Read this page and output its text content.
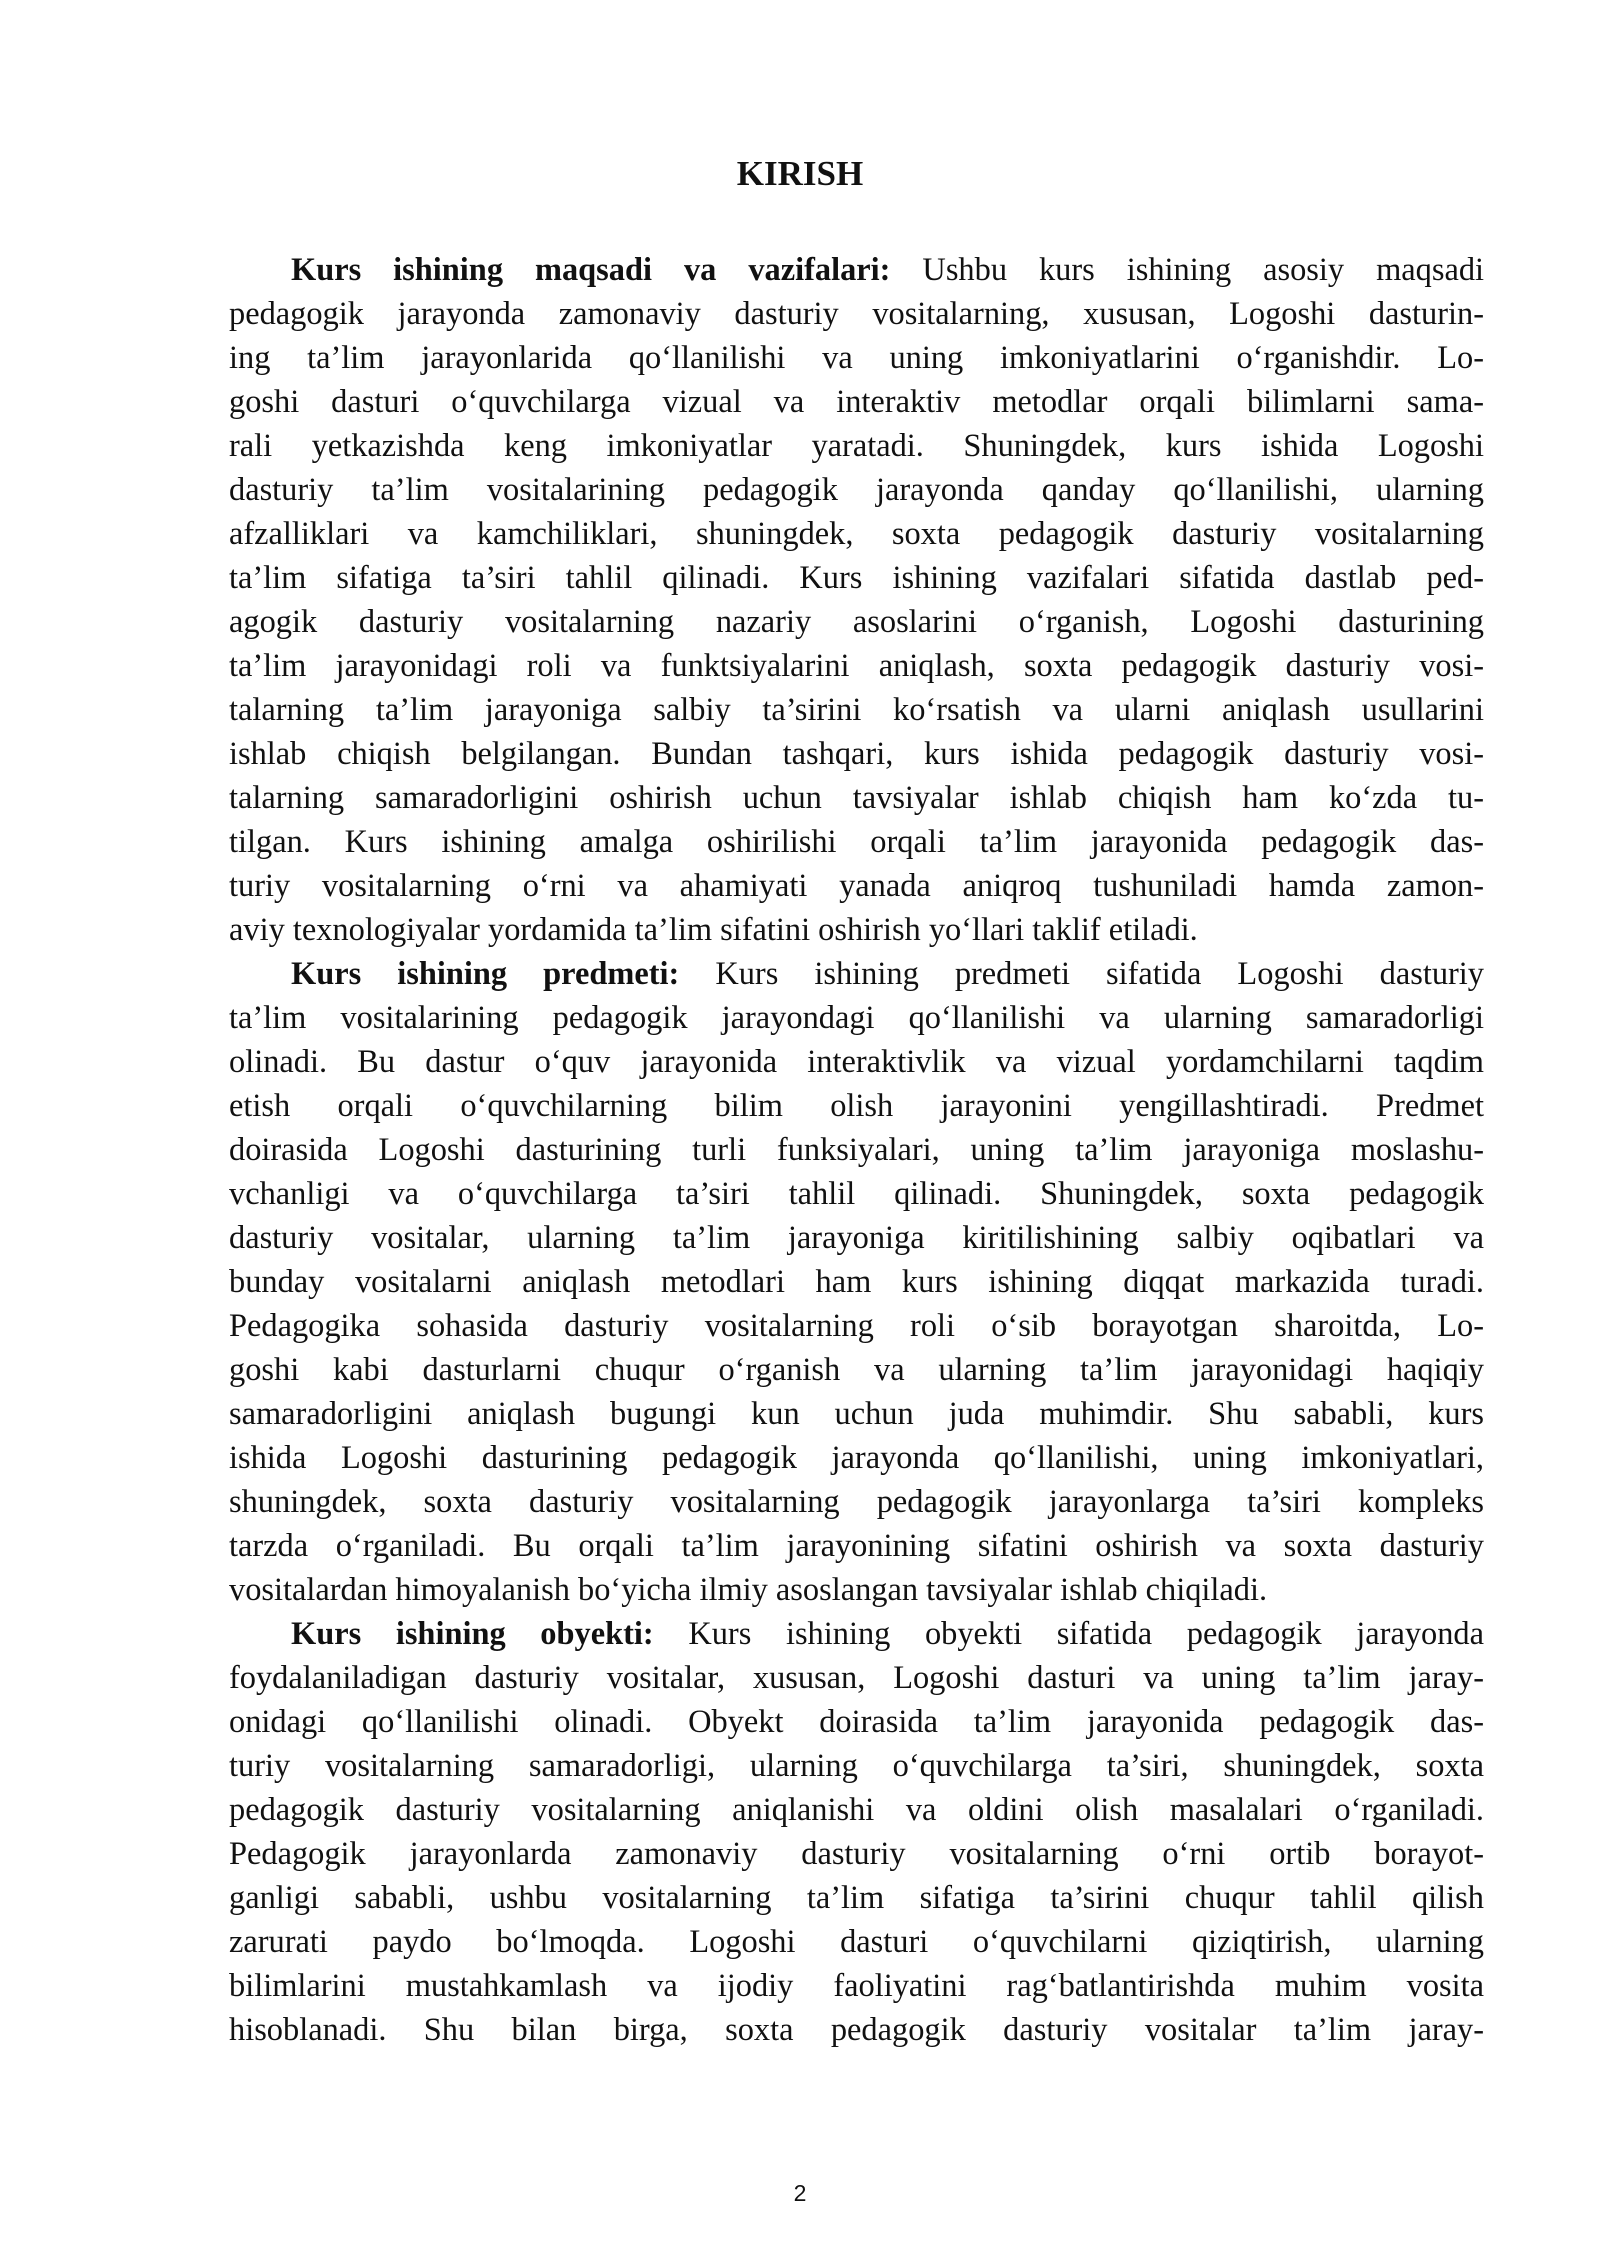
KIRISH
Kurs ishining maqsadi va vazifalari: Ushbu kurs ishining asosiy maqsadi
pedagogik jarayonda zamonaviy dasturiy vositalarning, xususan, Logoshi dasturin-
ing ta’lim jarayonlarida qo‘llanilishi va uning imkoniyatlarini o‘rganishdir. Lo-
goshi dasturi o‘quvchilarga vizual va interaktiv metodlar orqali bilimlarni sama-
rali yetkazishda keng imkoniyatlar yaratadi. Shuningdek, kurs ishida Logoshi
dasturiy ta’lim vositalarining pedagogik jarayonda qanday qo‘llanilishi, ularning
afzalliklari va kamchiliklari, shuningdek, soxta pedagogik dasturiy vositalarning
ta’lim sifatiga ta’siri tahlil qilinadi. Kurs ishining vazifalari sifatida dastlab ped-
agogik dasturiy vositalarning nazariy asoslarini o‘rganish, Logoshi dasturining
ta’lim jarayonidagi roli va funktsiyalarini aniqlash, soxta pedagogik dasturiy vosi-
talarning ta’lim jarayoniga salbiy ta’sirini ko‘rsatish va ularni aniqlash usullarini
ishlab chiqish belgilangan. Bundan tashqari, kurs ishida pedagogik dasturiy vosi-
talarning samaradorligini oshirish uchun tavsiyalar ishlab chiqish ham ko‘zda tu-
tilgan. Kurs ishining amalga oshirilishi orqali ta’lim jarayonida pedagogik das-
turiy vositalarning o‘rni va ahamiyati yanada aniqroq tushuniladi hamda zamon-
aviy texnologiyalar yordamida ta’lim sifatini oshirish yo‘llari taklif etiladi.
Kurs ishining predmeti: Kurs ishining predmeti sifatida Logoshi dasturiy
ta’lim vositalarining pedagogik jarayondagi qo‘llanilishi va ularning samaradorligi
olinadi. Bu dastur o‘quv jarayonida interaktivlik va vizual yordamchilarni taqdim
etish orqali o‘quvchilarning bilim olish jarayonini yengillashtiradi. Predmet
doirasida Logoshi dasturining turli funksiyalari, uning ta’lim jarayoniga moslashu-
vchanligi va o‘quvchilarga ta’siri tahlil qilinadi. Shuningdek, soxta pedagogik
dasturiy vositalar, ularning ta’lim jarayoniga kiritilishining salbiy oqibatlari va
bunday vositalarni aniqlash metodlari ham kurs ishining diqqat markazida turadi.
Pedagogika sohasida dasturiy vositalarning roli o‘sib borayotgan sharoitda, Lo-
goshi kabi dasturlarni chuqur o‘rganish va ularning ta’lim jarayonidagi haqiqiy
samaradorligini aniqlash bugungi kun uchun juda muhimdir. Shu sababli, kurs
ishida Logoshi dasturining pedagogik jarayonda qo‘llanilishi, uning imkoniyatlari,
shuningdek, soxta dasturiy vositalarning pedagogik jarayonlarga ta’siri kompleks
tarzda o‘rganiladi. Bu orqali ta’lim jarayonining sifatini oshirish va soxta dasturiy
vositalardan himoyalanish bo‘yicha ilmiy asoslangan tavsiyalar ishlab chiqiladi.
Kurs ishining obyekti: Kurs ishining obyekti sifatida pedagogik jarayonda
foydalaniladigan dasturiy vositalar, xususan, Logoshi dasturi va uning ta’lim jaray-
onidagi qo‘llanilishi olinadi. Obyekt doirasida ta’lim jarayonida pedagogik das-
turiy vositalarning samaradorligi, ularning o‘quvchilarga ta’siri, shuningdek, soxta
pedagogik dasturiy vositalarning aniqlanishi va oldini olish masalalari o‘rganiladi.
Pedagogik jarayonlarda zamonaviy dasturiy vositalarning o‘rni ortib borayot-
ganligi sababli, ushbu vositalarning ta’lim sifatiga ta’sirini chuqur tahlil qilish
zarurati paydo bo‘lmoqda. Logoshi dasturi o‘quvchilarni qiziqtirish, ularning
bilimlarini mustahkamlash va ijodiy faoliyatini rag‘batlantirishda muhim vosita
hisoblanadi. Shu bilan birga, soxta pedagogik dasturiy vositalar ta’lim jaray-
2
